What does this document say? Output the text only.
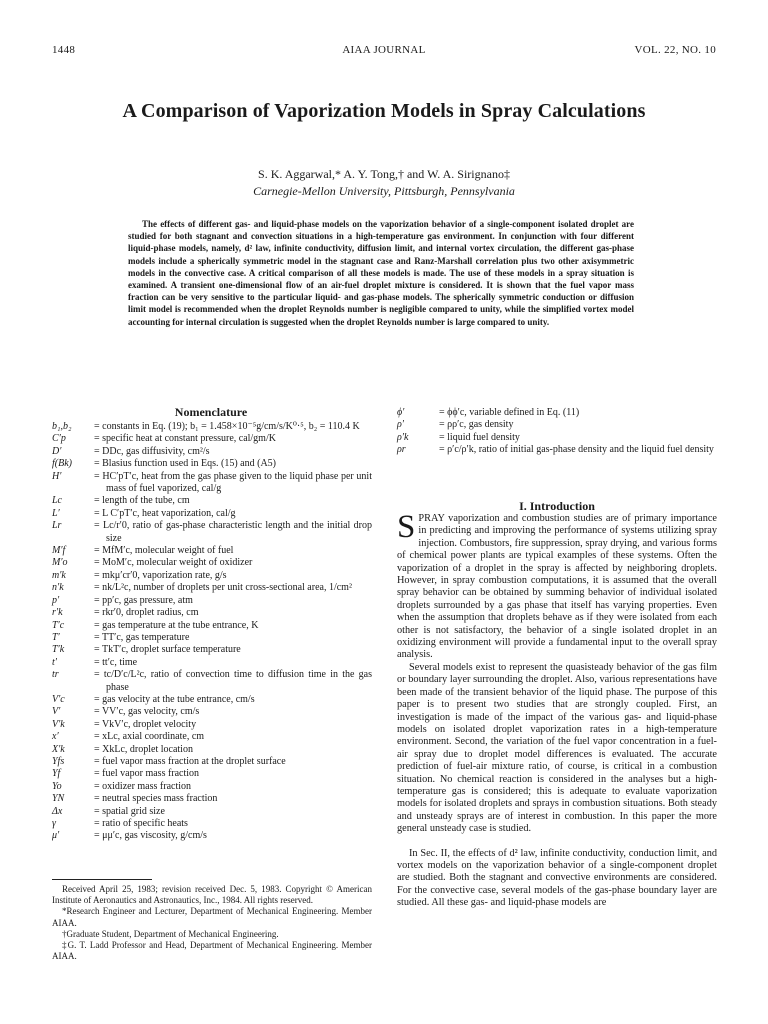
1448	AIAA JOURNAL	VOL. 22, NO. 10
A Comparison of Vaporization Models in Spray Calculations
S. K. Aggarwal,* A. Y. Tong,† and W. A. Sirignano‡
Carnegie-Mellon University, Pittsburgh, Pennsylvania
The effects of different gas- and liquid-phase models on the vaporization behavior of a single-component isolated droplet are studied for both stagnant and convection situations in a high-temperature gas environment. In conjunction with four different liquid-phase models, namely, d² law, infinite conductivity, diffusion limit, and internal vortex circulation, the different gas-phase models include a spherically symmetric model in the stagnant case and Ranz-Marshall correlation plus two other axisymmetric models in the convective case. A critical comparison of all these models is made. The use of these models in a spray situation is examined. A transient one-dimensional flow of an air-fuel droplet mixture is considered. It is shown that the fuel vapor mass fraction can be very sensitive to the particular liquid- and gas-phase models. The spherically symmetric conduction or diffusion limit model is recommended when the droplet Reynolds number is negligible compared to unity, while the simplified vortex model accounting for internal circulation is suggested when the droplet Reynolds number is large compared to unity.
Nomenclature
b₁,b₂	= constants in Eq. (19); b₁ = 1.458×10⁻⁵g/cm/s/K⁰·⁵, b₂ = 110.4 K
C′p	= specific heat at constant pressure, cal/gm/K
D′	= DDc, gas diffusivity, cm²/s
f(Bk)	= Blasius function used in Eqs. (15) and (A5)
H′	= HC′pT′c, heat from the gas phase given to the liquid phase per unit mass of fuel vaporized, cal/g
Lc	= length of the tube, cm
L′	= L C′pT′c, heat vaporization, cal/g
Lr	= Lc/r′0, ratio of gas-phase characteristic length and the initial drop size
M′f	= MfM′c, molecular weight of fuel
M′o	= MoM′c, molecular weight of oxidizer
m′k	= mkμ′cr′0, vaporization rate, g/s
n′k	= nk/L²c, number of droplets per unit cross-sectional area, 1/cm²
p′	= pp′c, gas pressure, atm
r′k	= rkr′0, droplet radius, cm
T′c	= gas temperature at the tube entrance, K
T′	= TT′c, gas temperature
T′k	= TkT′c, droplet surface temperature
t′	= tt′c, time
tr	= tc/D′c/L²c, ratio of convection time to diffusion time in the gas phase
V′c	= gas velocity at the tube entrance, cm/s
V′	= VV′c, gas velocity, cm/s
V′k	= VkV′c, droplet velocity
x′	= xLc, axial coordinate, cm
X′k	= XkLc, droplet location
Yfs	= fuel vapor mass fraction at the droplet surface
Yf	= fuel vapor mass fraction
Yo	= oxidizer mass fraction
YN	= neutral species mass fraction
Δx	= spatial grid size
γ	= ratio of specific heats
μ′	= μμ′c, gas viscosity, g/cm/s
ϕ′	= ϕϕ′c, variable defined in Eq. (11)
ρ′	= ρρ′c, gas density
ρ′k	= liquid fuel density
ρr	= ρ′c/ρ′k, ratio of initial gas-phase density and the liquid fuel density

Received April 25, 1983; revision received Dec. 5, 1983. Copyright © American Institute of Aeronautics and Astronautics, Inc., 1984. All rights reserved.

*Research Engineer and Lecturer, Department of Mechanical Engineering. Member AIAA.

†Graduate Student, Department of Mechanical Engineering.

‡G. T. Ladd Professor and Head, Department of Mechanical Engineering. Member AIAA.

I. Introduction

SPRAY vaporization and combustion studies are of primary importance in predicting and improving the performance of systems utilizing spray injection. Combustors, fire suppression, spray drying, and various forms of chemical power plants are typical examples of these systems. Often the vaporization of a droplet in the spray is affected by neighboring droplets. However, in spray combustion computations, it is assumed that the overall spray behavior can be obtained by summing behavior of individual isolated droplets surrounded by a gas phase that itself has varying properties. Even when the assumption that droplets behave as if they were isolated from each other is not satisfactory, the behavior of a single isolated droplet in an oxidizing environment will provide a fundamental input to the overall spray analysis.

Several models exist to represent the quasisteady behavior of the gas film or boundary layer surrounding the droplet. Also, various representations have been made of the transient behavior of the liquid phase. The purpose of this paper is to present two studies that are strongly coupled. First, an investigation is made of the impact of the various gas- and liquid-phase models on isolated droplet vaporization rates in a high-temperature environment. Second, the variation of the fuel vapor concentration in a fuel-air spray due to droplet model differences is evaluated. The accurate prediction of fuel-air mixture ratio, of course, is critical in a combustion situation. No chemical reaction is considered in the analyses but a high-temperature gas is considered; this is adequate to evaluate vaporization models for isolated droplets and sprays in combustion situations. Both steady and unsteady sprays are of interest in combustion. In this paper the more general unsteady case is studied.

In Sec. II, the effects of d² law, infinite conductivity, conduction limit, and vortex models on the vaporization behavior of a single-component droplet are studied. Both the stagnant and convective environments are considered. For the convective case, several models of the gas-phase boundary layer are studied. All these gas- and liquid-phase models are
